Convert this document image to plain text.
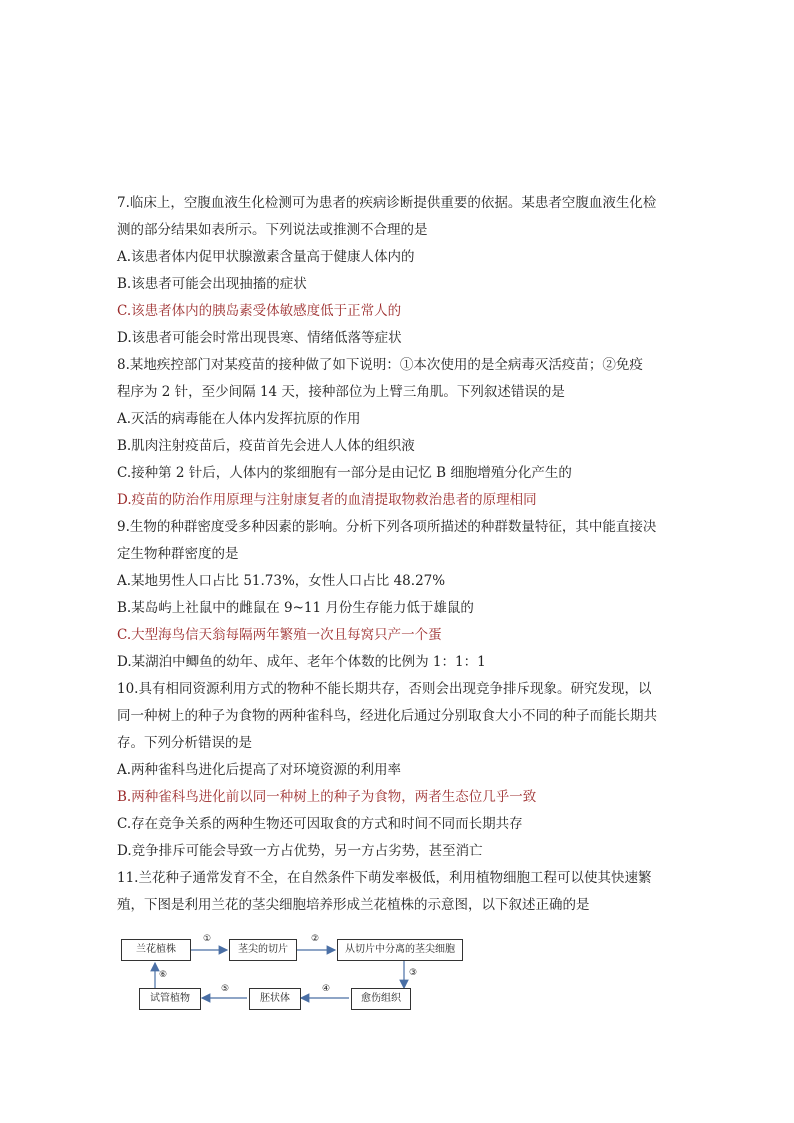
7.临床上，空腹血液生化检测可为患者的疾病诊断提供重要的依据。某患者空腹血液生化检
测的部分结果如表所示。下列说法或推测不合理的是
A.该患者体内促甲状腺激素含量高于健康人体内的
B.该患者可能会出现抽搐的症状
C.该患者体内的胰岛素受体敏感度低于正常人的
D.该患者可能会时常出现畏寒、情绪低落等症状
8.某地疾控部门对某疫苗的接种做了如下说明：①本次使用的是全病毒灭活疫苗；②免疫
程序为 2 针，至少间隔 14 天，接种部位为上臂三角肌。下列叙述错误的是
A.灭活的病毒能在人体内发挥抗原的作用
B.肌肉注射疫苗后，疫苗首先会进人人体的组织液
C.接种第 2 针后，人体内的浆细胞有一部分是由记忆 B 细胞增殖分化产生的
D.疫苗的防治作用原理与注射康复者的血清提取物救治患者的原理相同
9.生物的种群密度受多种因素的影响。分析下列各项所描述的种群数量特征，其中能直接决
定生物种群密度的是
A.某地男性人口占比 51.73%，女性人口占比 48.27%
B.某岛屿上社鼠中的雌鼠在 9~11 月份生存能力低于雄鼠的
C.大型海鸟信天翁每隔两年繁殖一次且每窝只产一个蛋
D.某湖泊中鲫鱼的幼年、成年、老年个体数的比例为 1：1：1
10.具有相同资源利用方式的物种不能长期共存，否则会出现竞争排斥现象。研究发现，以
同一种树上的种子为食物的两种雀科鸟，经进化后通过分别取食大小不同的种子而能长期共
存。下列分析错误的是
A.两种雀科鸟进化后提高了对环境资源的利用率
B.两种雀科鸟进化前以同一种树上的种子为食物，两者生态位几乎一致
C.存在竞争关系的两种生物还可因取食的方式和时间不同而长期共存
D.竞争排斥可能会导致一方占优势，另一方占劣势，甚至消亡
11.兰花种子通常发育不全，在自然条件下萌发率极低，利用植物细胞工程可以使其快速繁
殖，下图是利用兰花的茎尖细胞培养形成兰花植株的示意图，以下叙述正确的是
兰花植株	茎尖的切片	从切片中分离的茎尖细胞
愈伤组织
胚状体
试管植物
①	②
③
④
⑤
⑥
